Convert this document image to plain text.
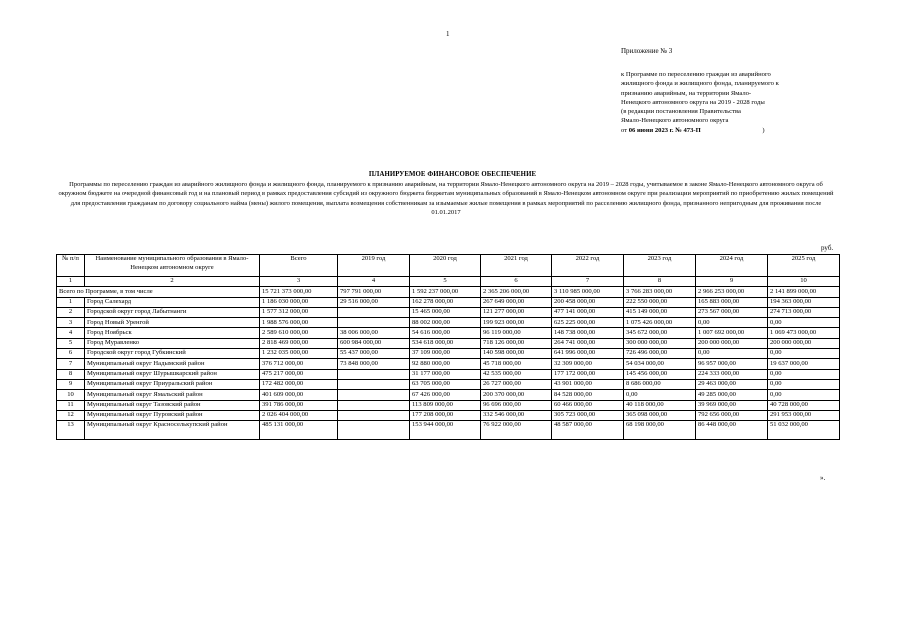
1
Приложение № 3
к Программе по переселению граждан из аварийного
жилищного фонда и жилищного фонда, планируемого к
признанию аварийным, на территории Ямало-
Ненецкого автономного округа на 2019 - 2028 годы
(в редакции постановления Правительства
Ямало-Ненецкого автономного округа
от 06 июня 2023 г. № 473-П	)
ПЛАНИРУЕМОЕ ФИНАНСОВОЕ ОБЕСПЕЧЕНИЕ
Программы по переселению граждан из аварийного жилищного фонда и жилищного фонда, планируемого к признанию аварийным, на территории Ямало-Ненецкого автономного округа на 2019 – 2028 годы, учитываемое в законе Ямало-Ненецкого автономного округа об окружном бюджете на очередной финансовый год и на плановый период в рамках предоставления субсидий из окружного бюджета бюджетам муниципальных образований в Ямало-Ненецком автономном округе при реализации мероприятий по приобретению жилых помещений для предоставления гражданам по договору социального найма (мены) жилого помещения, выплата возмещения собственникам за изымаемые жилые помещения в рамках мероприятий по расселению жилищного фонда, признанного непригодным для проживания после 01.01.2017
руб.
№ п/п	Наименование муниципального образования в Ямало-Ненецком автономном округе	Всего	2019 год	2020 год	2021 год	2022 год	2023 год	2024 год	2025 год
1	2	3	4	5	6	7	8	9	10
Всего по Программе, в том числе		15 721 373 000,00	797 791 000,00	1 592 237 000,00	2 365 206 000,00	3 110 985 000,00	3 766 283 000,00	2 966 253 000,00	2 141 899 000,00
1	Город Салехард	1 186 030 000,00	29 516 000,00	162 278 000,00	267 649 000,00	200 458 000,00	222 550 000,00	165 883 000,00	194 363 000,00
2	Городской округ город Лабытнанги	1 577 312 000,00		15 465 000,00	121 277 000,00	477 141 000,00	415 149 000,00	273 567 000,00	274 713 000,00
3	Город Новый Уренгой	1 988 576 000,00		88 002 000,00	199 923 000,00	625 225 000,00	1 075 426 000,00	0,00	0,00
4	Город Ноябрьск	2 589 610 000,00	38 006 000,00	54 616 000,00	96 119 000,00	148 738 000,00	345 672 000,00	1 007 692 000,00	1 069 473 000,00
5	Город Муравленко	2 818 469 000,00	600 984 000,00	534 618 000,00	718 126 000,00	264 741 000,00	300 000 000,00	200 000 000,00	200 000 000,00
6	Городской округ город Губкинский	1 232 035 000,00	55 437 000,00	37 109 000,00	140 598 000,00	641 996 000,00	726 496 000,00	0,00	0,00
7	Муниципальный округ Надымский район	376 712 000,00	73 848 000,00	92 880 000,00	45 718 000,00	32 309 000,00	54 034 000,00	96 957 000,00	19 637 000,00
8	Муниципальный округ Шурышкарский район	475 217 000,00		31 177 000,00	42 535 000,00	177 172 000,00	145 456 000,00	224 333 000,00	0,00
9	Муниципальный округ Приуральский район	172 482 000,00		63 705 000,00	26 727 000,00	43 901 000,00	8 686 000,00	29 463 000,00	0,00
10	Муниципальный округ Ямальский район	401 609 000,00		67 426 000,00	200 370 000,00	84 528 000,00	0,00	49 285 000,00	0,00
11	Муниципальный округ Тазовский район	391 786 000,00		113 809 000,00	96 696 000,00	60 466 000,00	40 118 000,00	39 969 000,00	40 728 000,00
12	Муниципальный округ Пуровский район	2 026 404 000,00		177 208 000,00	332 546 000,00	305 723 000,00	365 098 000,00	792 656 000,00	291 953 000,00
13	Муниципальный округ Красноселькупский район	485 131 000,00		153 944 000,00	76 922 000,00	48 587 000,00	68 198 000,00	86 448 000,00	51 032 000,00
».
